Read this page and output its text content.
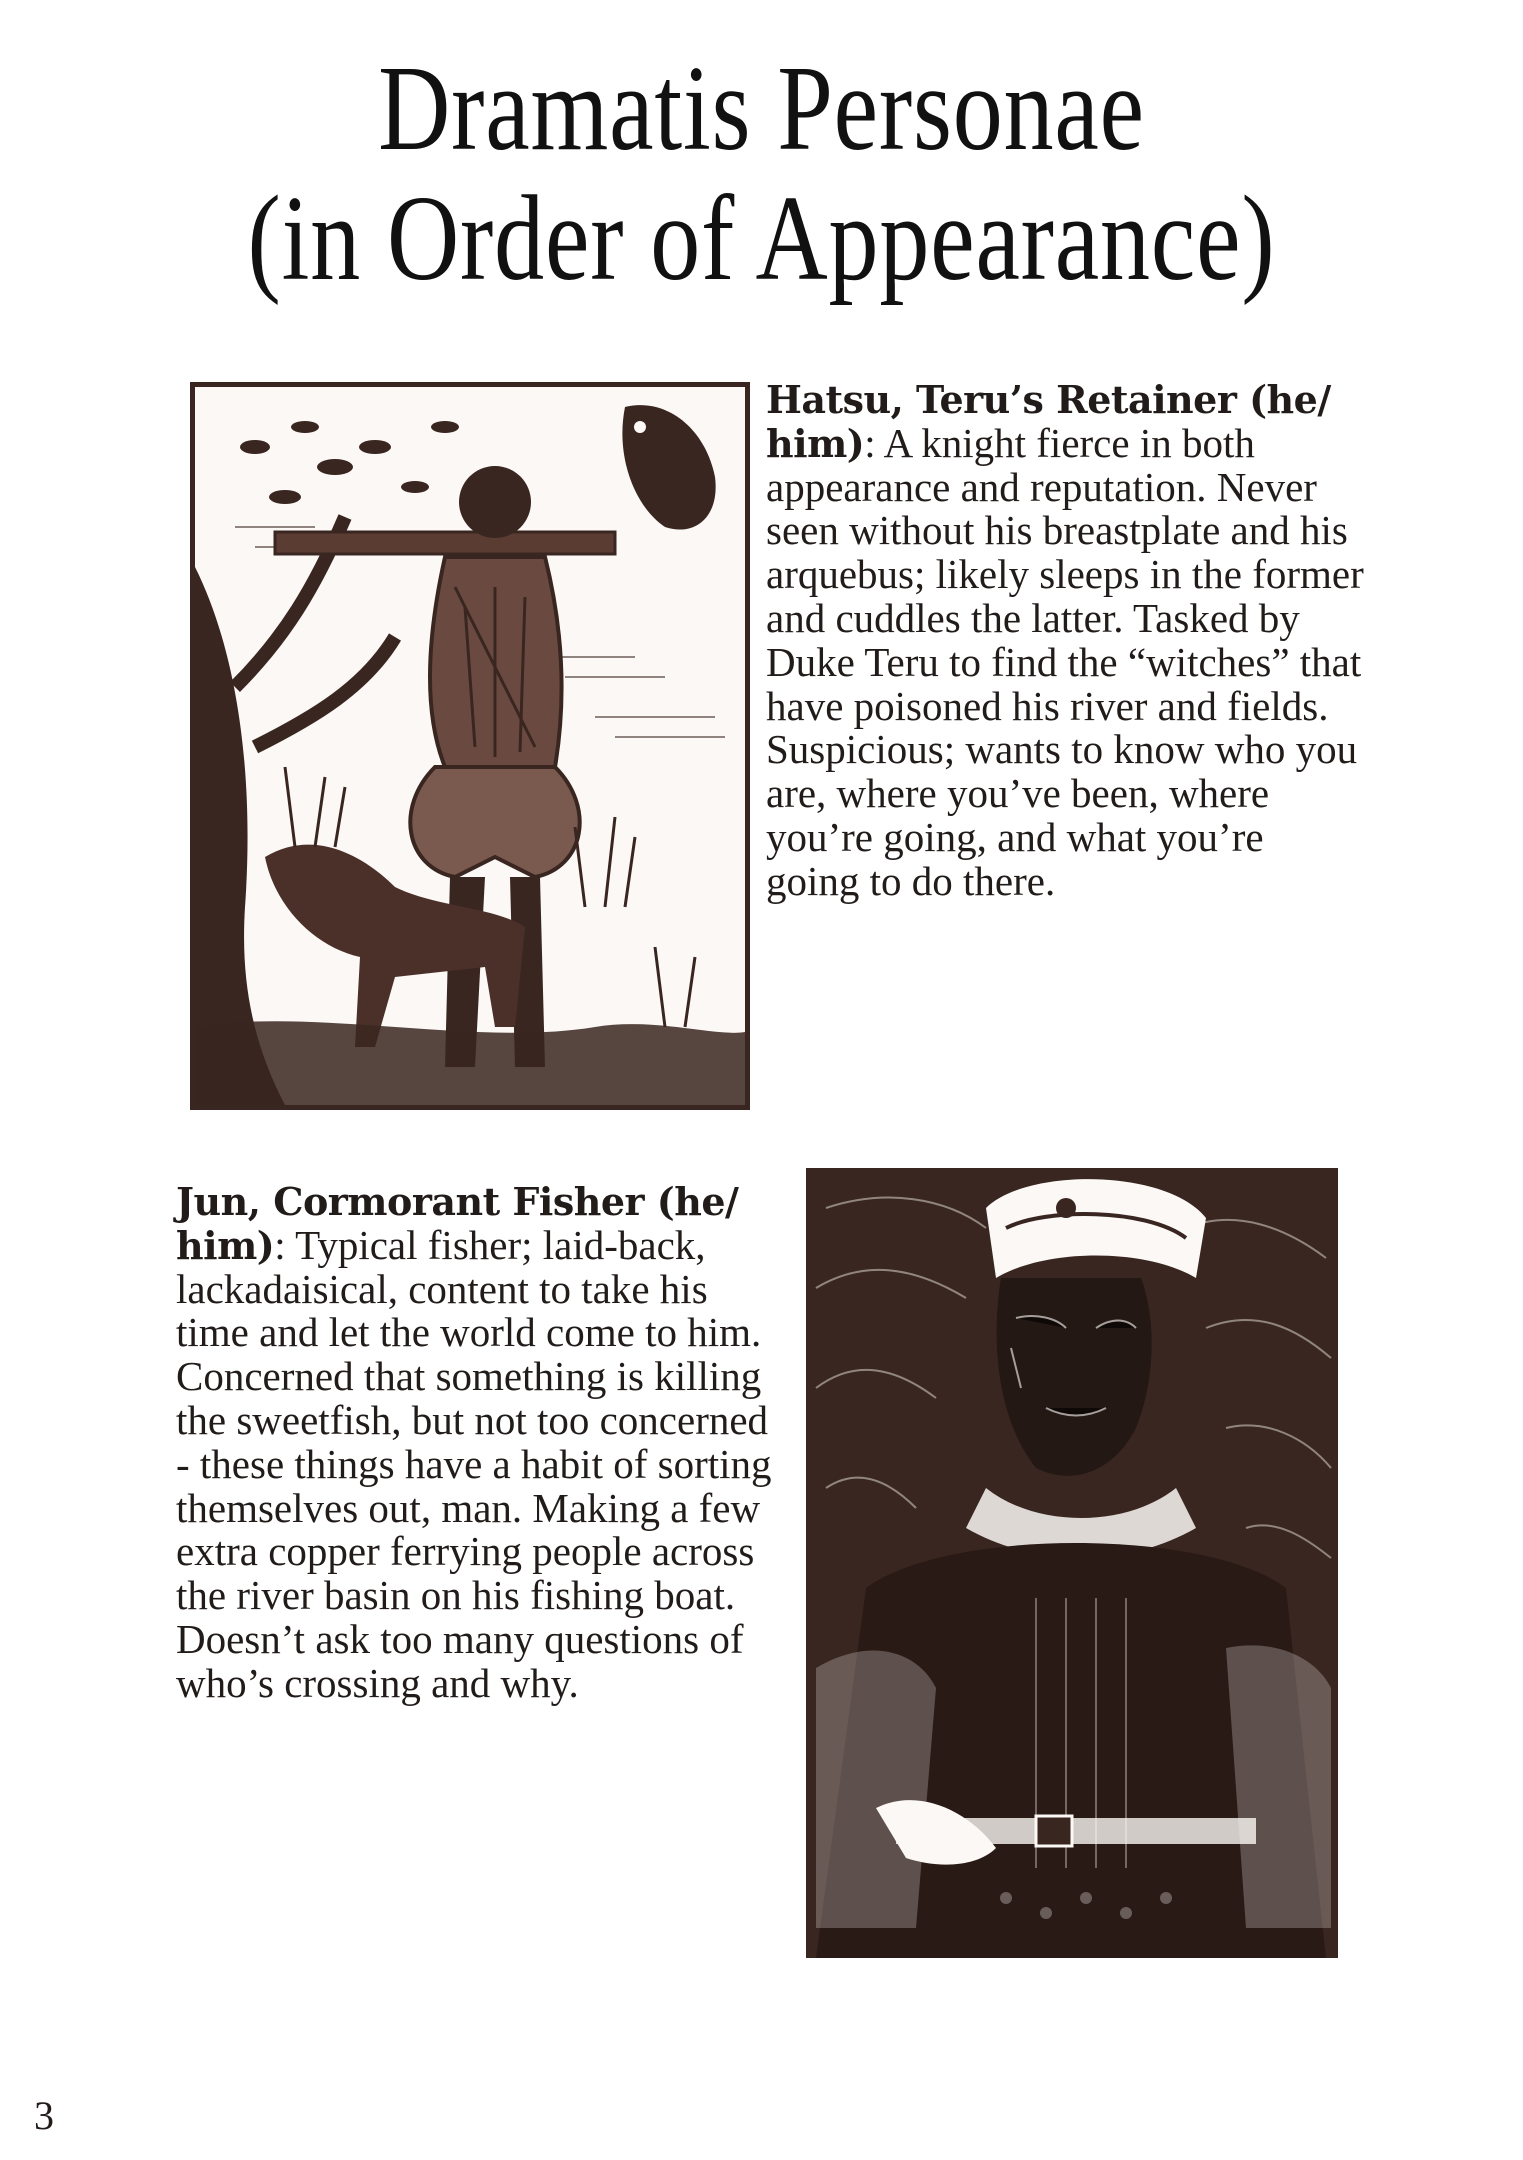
Dramatis Personae
(in Order of Appearance)

Hatsu, Teru’s Retainer (he/ him): A knight fierce in both appearance and reputation. Never seen without his breastplate and his arquebus; likely sleeps in the former and cuddles the latter. Tasked by Duke Teru to find the “witches” that have poisoned his river and fields. Suspicious; wants to know who you are, where you’ve been, where you’re going, and what you’re going to do there.

Jun, Cormorant Fisher (he/ him): Typical fisher; laid-back, lackadaisical, content to take his time and let the world come to him. Concerned that something is killing the sweetfish, but not too concerned - these things have a habit of sorting themselves out, man. Making a few extra copper ferrying people across the river basin on his fishing boat. Doesn’t ask too many questions of who’s crossing and why.

3
